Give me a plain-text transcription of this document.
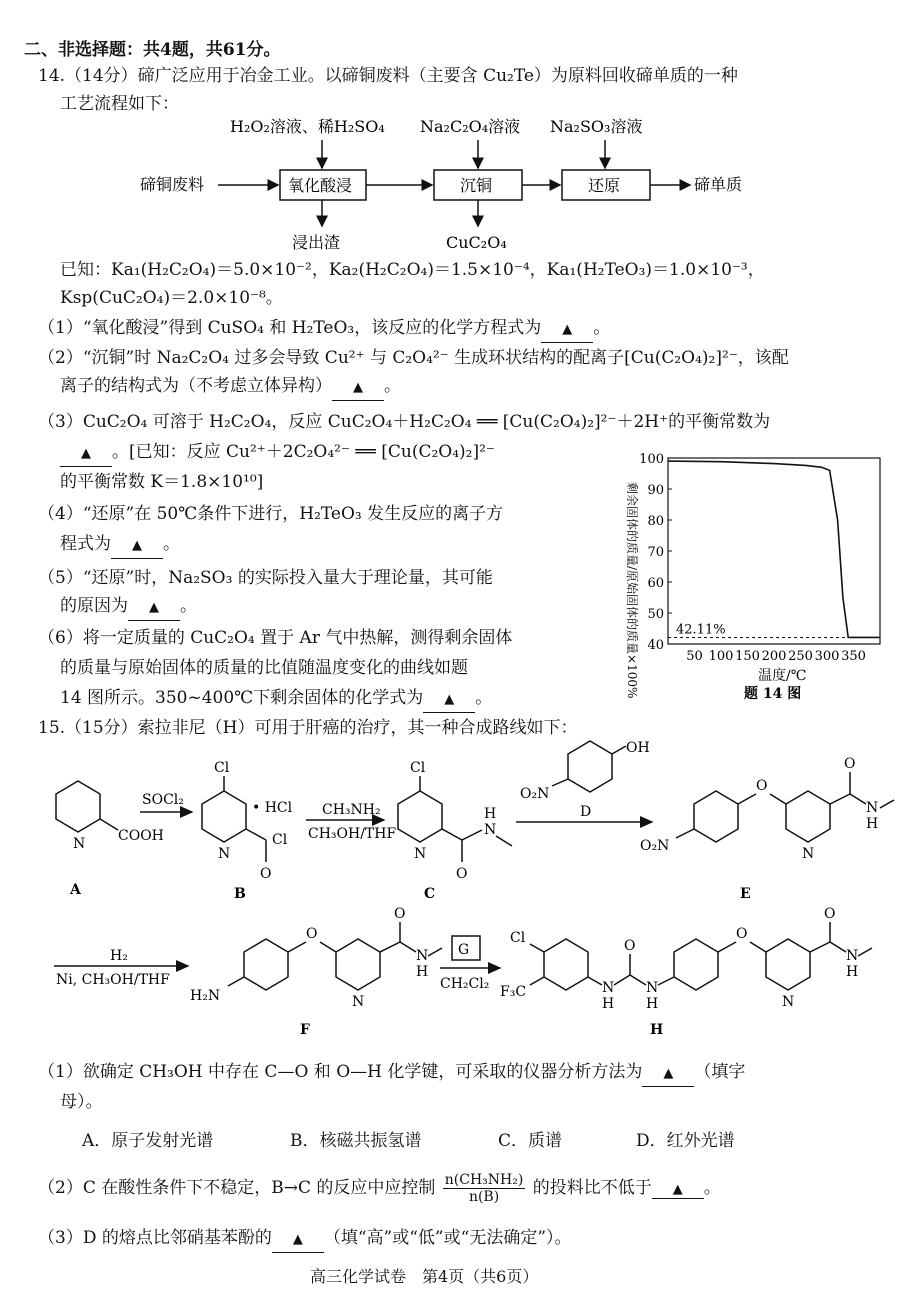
二、非选择题：共4题，共61分。
14.（14分）碲广泛应用于冶金工业。以碲铜废料（主要含 Cu₂Te）为原料回收碲单质的一种
工艺流程如下：
H₂O₂溶液、稀H₂SO₄ Na₂C₂O₄溶液 Na₂SO₃溶液
碲铜废料	氧化酸浸	沉铜	还原	碲单质
浸出渣	CuC₂O₄
已知：Ka₁(H₂C₂O₄)＝5.0×10⁻²，Ka₂(H₂C₂O₄)＝1.5×10⁻⁴，Ka₁(H₂TeO₃)＝1.0×10⁻³，
Ksp(CuC₂O₄)＝2.0×10⁻⁸。
（1）“氧化酸浸”得到 CuSO₄ 和 H₂TeO₃，该反应的化学方程式为 ▲ 。
（2）“沉铜”时 Na₂C₂O₄ 过多会导致 Cu²⁺ 与 C₂O₄²⁻ 生成环状结构的配离子[Cu(C₂O₄)₂]²⁻，该配
离子的结构式为（不考虑立体异构） ▲ 。
（3）CuC₂O₄ 可溶于 H₂C₂O₄，反应 CuC₂O₄＋H₂C₂O₄ ══ [Cu(C₂O₄)₂]²⁻＋2H⁺的平衡常数为
▲ 。[已知：反应 Cu²⁺＋2C₂O₄²⁻ ══ [Cu(C₂O₄)₂]²⁻
的平衡常数 K＝1.8×10¹⁰]
（4）“还原”在 50℃条件下进行，H₂TeO₃ 发生反应的离子方
程式为 ▲ 。
（5）“还原”时，Na₂SO₃ 的实际投入量大于理论量，其可能
的原因为 ▲ 。
（6）将一定质量的 CuC₂O₄ 置于 Ar 气中热解，测得剩余固体
的质量与原始固体的质量的比值随温度变化的曲线如题
14 图所示。350~400℃下剩余固体的化学式为 ▲ 。	剩余固体的质量/原始固体的质量×100%
100
90
80
70
60
50
40
50 100 150 200 250 300 350
42.11%
温度/℃
题 14 图
15.（15分）索拉非尼（H）可用于肝癌的治疗，其一种合成路线如下：
N COOH
A
SOCl₂
Cl
N
Cl
O
• HCl
B
CH₃NH₂
CH₃OH/THF
Cl
N
N
H
O
C
OH
O₂N
D
O₂N
O
N
O
N
H
E
H₂
Ni, CH₃OH/THF
H₂N
O
N
O
N
H
F
G
CH₂Cl₂
Cl
F₃C	N
H
O
N
H
O
N
O
N
H
H
（1）欲确定 CH₃OH 中存在 C—O 和 O—H 化学键，可采取的仪器分析方法为 ▲ （填字
母）。
A．原子发射光谱	B．核磁共振氢谱	C．质谱	D．红外光谱
（2）C 在酸性条件下不稳定，B→C 的反应中应控制 $\frac{\text{n(CH₃NH₂)}}{n(B)}$ 的投料比不低于 ▲ 。
（3）D 的熔点比邻硝基苯酚的 ▲ （填“高”或“低”或“无法确定”）。
高三化学试卷　第4页（共6页）
